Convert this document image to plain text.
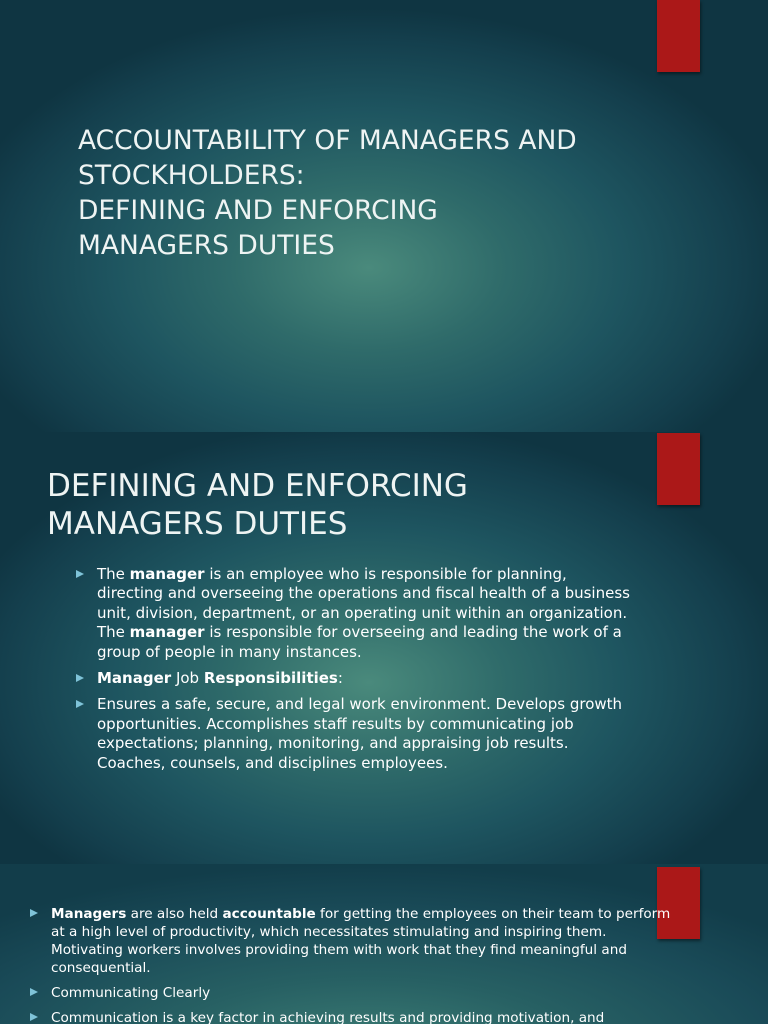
ACCOUNTABILITY OF MANAGERS AND
STOCKHOLDERS:
DEFINING AND ENFORCING
MANAGERS DUTIES
DEFINING AND ENFORCING
MANAGERS DUTIES
The manager is an employee who is responsible for planning, directing and overseeing the operations and fiscal health of a business unit, division, department, or an operating unit within an organization. The manager is responsible for overseeing and leading the work of a group of people in many instances.
Manager Job Responsibilities:
Ensures a safe, secure, and legal work environment. Develops growth opportunities. Accomplishes staff results by communicating job expectations; planning, monitoring, and appraising job results. Coaches, counsels, and disciplines employees.
Managers are also held accountable for getting the employees on their team to perform at a high level of productivity, which necessitates stimulating and inspiring them. Motivating workers involves providing them with work that they find meaningful and consequential.
Communicating Clearly
Communication is a key factor in achieving results and providing motivation, and
